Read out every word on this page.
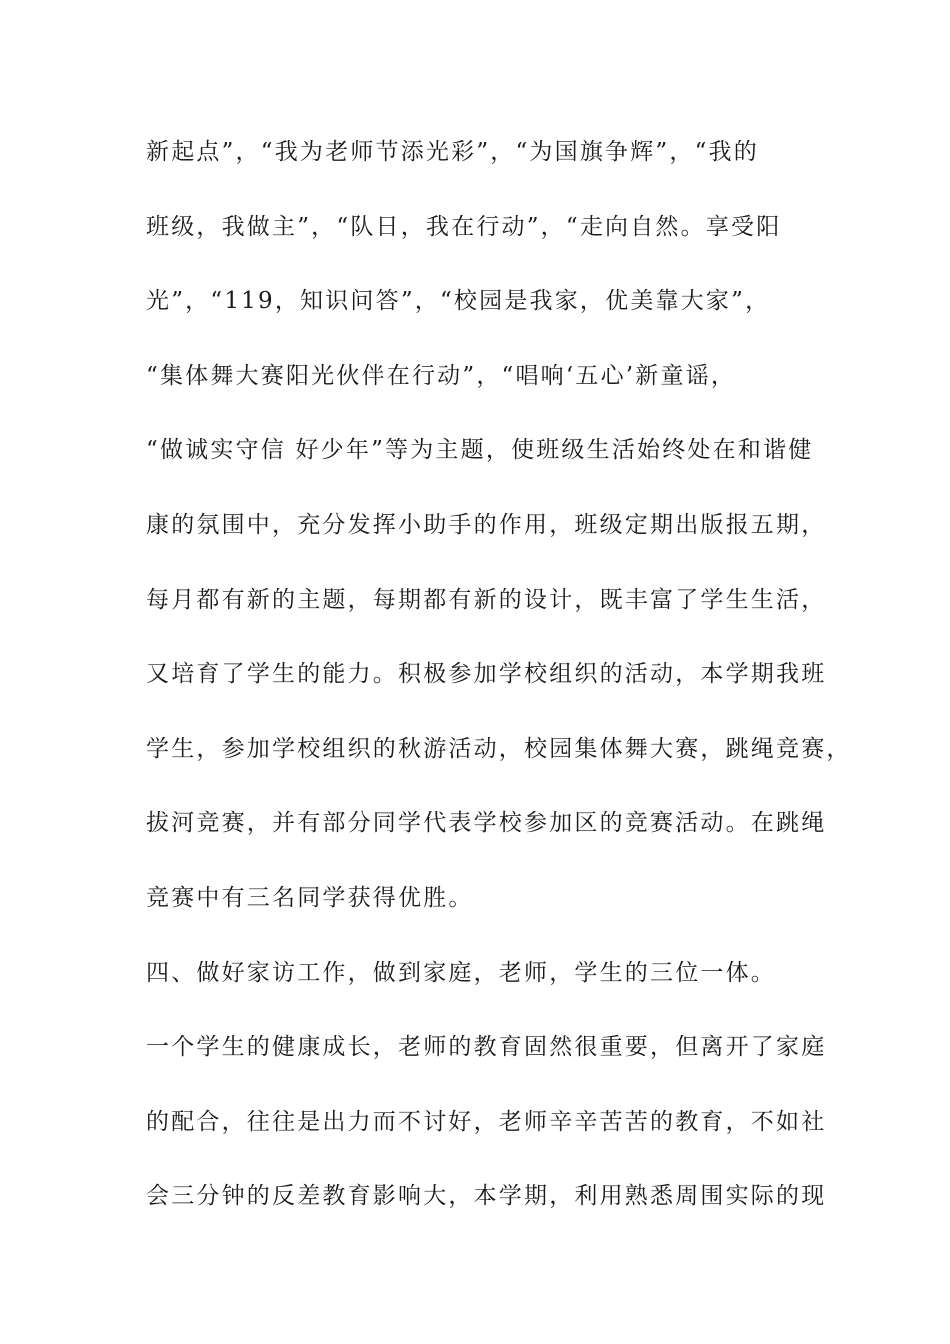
新起点”，“我为老师节添光彩”，“为国旗争辉”，“我的
班级，我做主”，“队日，我在行动”，“走向自然。享受阳
光”，“119，知识问答”，“校园是我家，优美靠大家”，
“集体舞大赛阳光伙伴在行动”，“唱响‘五心’新童谣，
“做诚实守信 好少年”等为主题，使班级生活始终处在和谐健
康的氛围中，充分发挥小助手的作用，班级定期出版报五期，
每月都有新的主题，每期都有新的设计，既丰富了学生生活，
又培育了学生的能力。积极参加学校组织的活动，本学期我班
学生，参加学校组织的秋游活动，校园集体舞大赛，跳绳竞赛，
拔河竞赛，并有部分同学代表学校参加区的竞赛活动。在跳绳
竞赛中有三名同学获得优胜。
四、做好家访工作，做到家庭，老师，学生的三位一体。
一个学生的健康成长，老师的教育固然很重要，但离开了家庭
的配合，往往是出力而不讨好，老师辛辛苦苦的教育，不如社
会三分钟的反差教育影响大，本学期，利用熟悉周围实际的现
